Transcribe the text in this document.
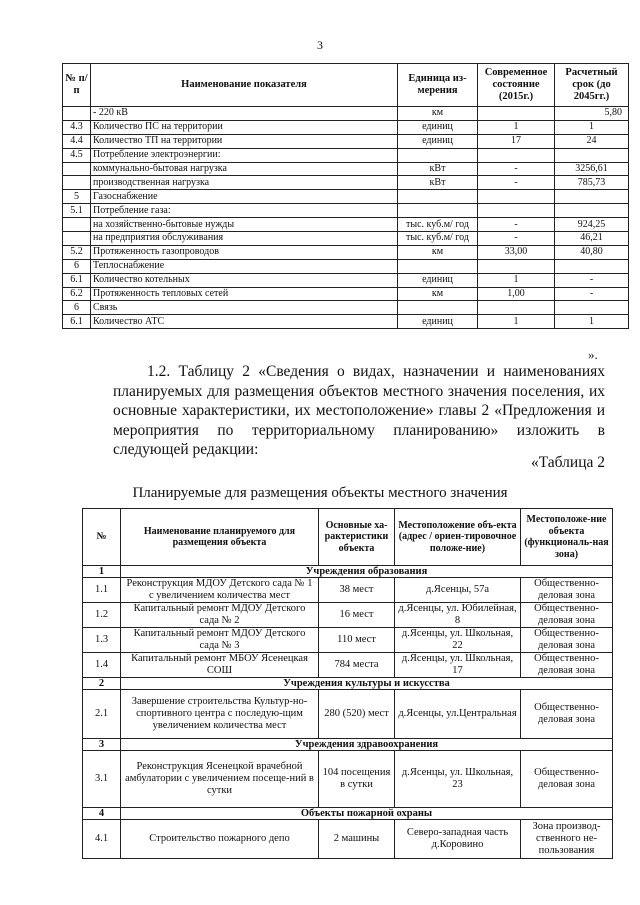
3
№ п/п	Наименование показателя	Единица из-мерения	Современное состояние (2015г.)	Расчетный срок (до 2045гг.)
	- 220 кВ	км		5,80
4.3	Количество ПС на территории	единиц	1	1
4.4	Количество ТП на территории	единиц	17	24
4.5	Потребление электроэнергии:			
	коммунально-бытовая нагрузка	кВт	-	3256,61
	производственная нагрузка	кВт	-	785,73
5	Газоснабжение			
5.1	Потребление газа:			
	на хозяйственно-бытовые нужды	тыс. куб.м/ год	-	924,25
	на предприятия обслуживания	тыс. куб.м/ год	-	46,21
5.2	Протяженность газопроводов	км	33,00	40,80
6	Теплоснабжение			
6.1	Количество котельных	единиц	1	-
6.2	Протяженность тепловых сетей	км	1,00	-
6	Связь			
6.1	Количество АТС	единиц	1	1
».
1.2. Таблицу 2 «Сведения о видах, назначении и наименованиях планируемых для размещения объектов местного значения поселения, их основные характеристики, их местоположение» главы 2 «Предложения и мероприятия по территориальному планированию» изложить в следующей редакции:
«Таблица 2
Планируемые для размещения объекты местного значения
№	Наименование планируемого для размещения объекта	Основные ха-рактеристики объекта	Местоположение объ-екта (адрес / ориен-тировочное положе-ние)	Местоположе-ние объекта (функциональ-ная зона)
1	Учреждения образования			
1.1	Реконструкция МДОУ Детского сада № 1 с увеличением количества мест	38 мест	д.Ясенцы, 57а	Общественно-деловая зона
1.2	Капитальный ремонт МДОУ Детского сада № 2	16 мест	д.Ясенцы, ул. Юбилейная, 8	Общественно-деловая зона
1.3	Капитальный ремонт МДОУ Детского сада № 3	110 мест	д.Ясенцы, ул. Школьная, 22	Общественно-деловая зона
1.4	Капитальный ремонт МБОУ Ясенецкая СОШ	784 места	д.Ясенцы, ул. Школьная, 17	Общественно-деловая зона
2	Учреждения культуры и искусства			
2.1	Завершение строительства Культур-но-спортивного центра с последую-щим увеличением количества мест	280 (520) мест	д.Ясенцы, ул.Центральная	Общественно-деловая зона
3	Учреждения здравоохранения			
3.1	Реконструкция Ясенецкой врачебной амбулатории с увеличением посеще-ний в сутки	104 посещения в сутки	д.Ясенцы, ул. Школьная, 23	Общественно-деловая зона
4	Объекты пожарной охраны			
4.1	Строительство пожарного депо	2 машины	Северо-западная часть д.Коровино	Зона производ-ственного не-пользования
